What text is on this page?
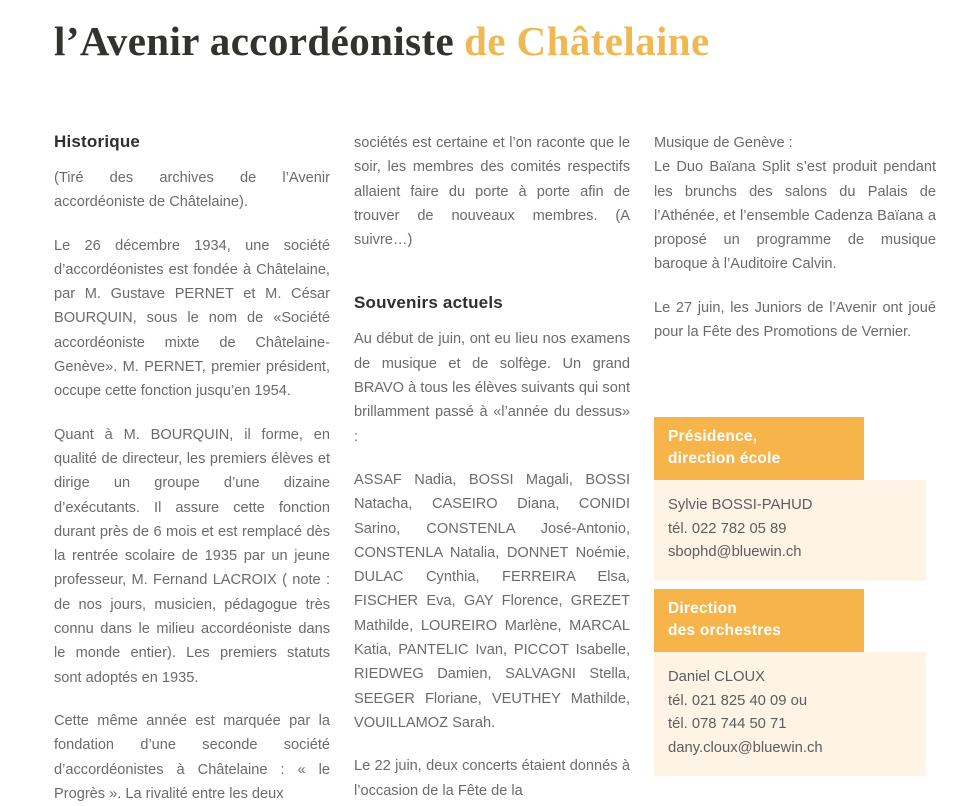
l’Avenir accordéoniste de Châtelaine
Historique

(Tiré des archives de l’Avenir accordéoniste de Châtelaine).

Le 26 décembre 1934, une société d’accordéonistes est fondée à Châtelaine, par M. Gustave PERNET et M. César BOURQUIN, sous le nom de «Société accordéoniste mixte de Châtelaine-Genève». M. PERNET, premier président, occupe cette fonction jusqu’en 1954.

Quant à M. BOURQUIN, il forme, en qualité de directeur, les premiers élèves et dirige un groupe d’une dizaine d’exécutants. Il assure cette fonction durant près de 6 mois et est remplacé dès la rentrée scolaire de 1935 par un jeune professeur, M. Fernand LACROIX ( note : de nos jours, musicien, pédagogue très connu dans le milieu accordéoniste dans le monde entier). Les premiers statuts sont adoptés en 1935.

Cette même année est marquée par la fondation d’une seconde société d’accordéonistes à Châtelaine : « le Progrès ». La rivalité entre les deux

sociétés est certaine et l’on raconte que le soir, les membres des comités respectifs allaient faire du porte à porte afin de trouver de nouveaux membres. (A suivre…)

Souvenirs actuels

Au début de juin, ont eu lieu nos examens de musique et de solfège. Un grand BRAVO à tous les élèves suivants qui sont brillamment passé à «l’année du dessus» :

ASSAF Nadia, BOSSI Magali, BOSSI Natacha, CASEIRO Diana, CONIDI Sarino, CONSTENLA José-Antonio, CONSTENLA Natalia, DONNET Noémie, DULAC Cynthia, FERREIRA Elsa, FISCHER Eva, GAY Florence, GREZET Mathilde, LOUREIRO Marlène, MARCAL Katia, PANTELIC Ivan, PICCOT Isabelle, RIEDWEG Damien, SALVAGNI Stella, SEEGER Floriane, VEUTHEY Mathilde, VOUILLAMOZ Sarah.

Le 22 juin, deux concerts étaient donnés à l’occasion de la Fête de la

Musique de Genève :
Le Duo Baïana Split s’est produit pendant les brunchs des salons du Palais de l’Athénée, et l’ensemble Cadenza Baïana a proposé un programme de musique baroque à l’Auditoire Calvin.

Le 27 juin, les Juniors de l’Avenir ont joué pour la Fête des Promotions de Vernier.

Présidence,
direction école
Sylvie BOSSI-PAHUD
tél. 022 782 05 89
sbophd@bluewin.ch
Direction
des orchestres
Daniel CLOUX
tél. 021 825 40 09 ou
tél. 078 744 50 71
dany.cloux@bluewin.ch
